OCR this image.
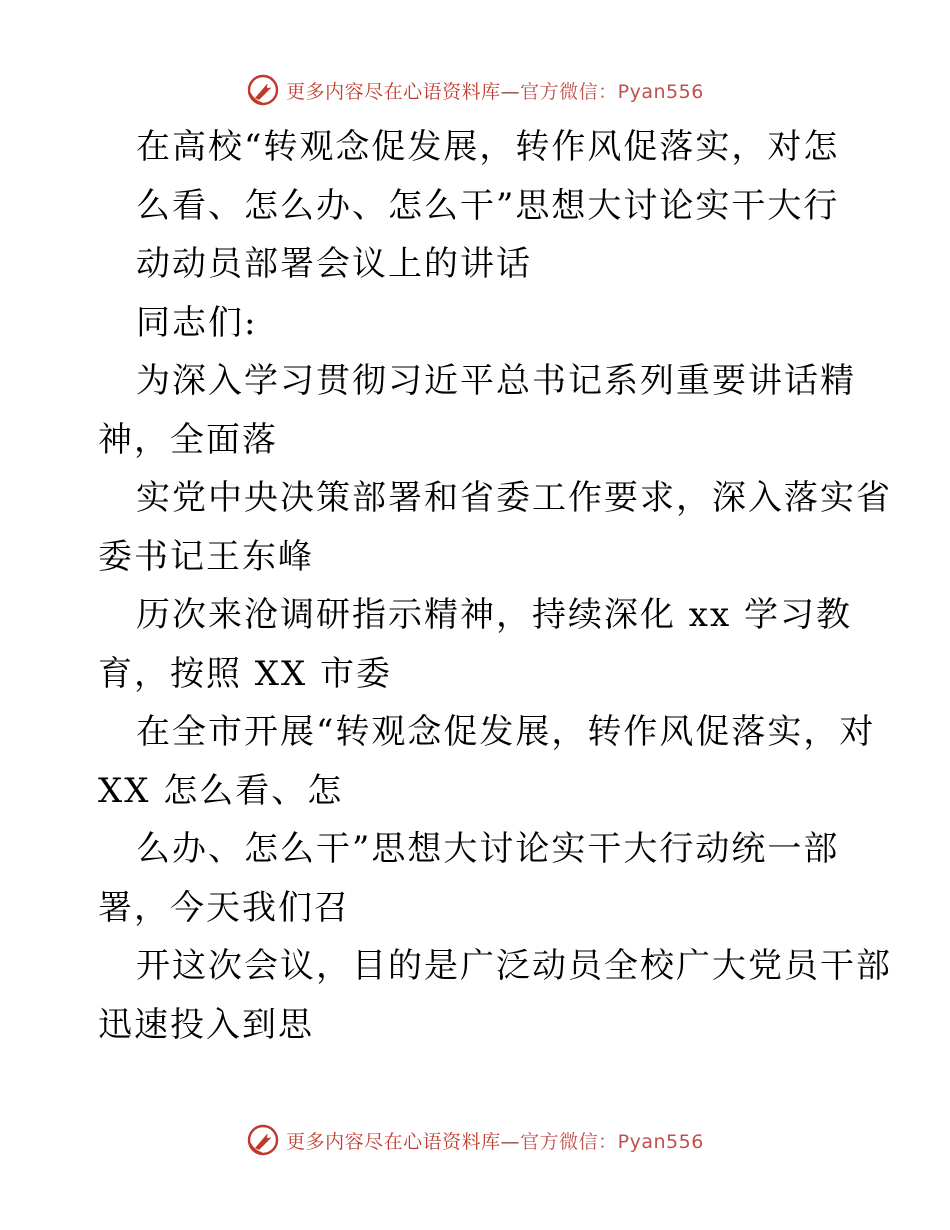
更多内容尽在心语资料库—官方微信：Pyan556
在高校“转观念促发展，转作风促落实，对怎
么看、怎么办、怎么干”思想大讨论实干大行
动动员部署会议上的讲话
同志们:
为深入学习贯彻习近平总书记系列重要讲话精
神，全面落
实党中央决策部署和省委工作要求，深入落实省
委书记王东峰
历次来沧调研指示精神，持续深化 xx 学习教
育，按照 XX 市委
在全市开展“转观念促发展，转作风促落实，对
XX 怎么看、怎
么办、怎么干”思想大讨论实干大行动统一部
署，今天我们召
开这次会议，目的是广泛动员全校广大党员干部
迅速投入到思
更多内容尽在心语资料库—官方微信：Pyan556
